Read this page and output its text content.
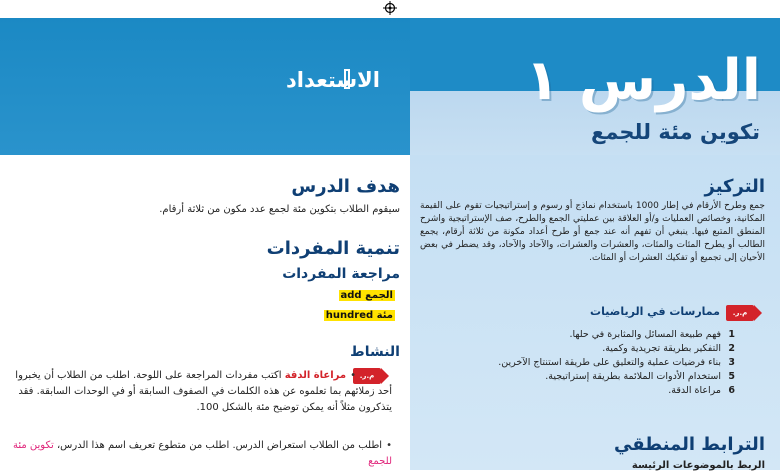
الاستعداد	الدرس ١
تكوين مئة للجمع
هدف الدرس
سيقوم الطلاب بتكوين مئة لجمع عدد مكون من ثلاثة أرقام.
تنمية المفردات
مراجعة المفردات
الجمع add
مئة hundred
النشاط
م.ر.
•مراعاة الدقة اكتب مفردات المراجعة على اللوحة. اطلب من الطلاب أن يخبروا أحد زملائهم بما تعلموه عن هذه الكلمات في الصفوف السابقة أو في الوحدات السابقة. فقد يتذكرون مثلاً أنه يمكن توضيح مئة بالشكل 100.
•اطلب من الطلاب استعراض الدرس. اطلب من متطوع تعريف اسم هذا الدرس، تكوين مئة للجمع
التركيز
جمع وطرح الأرقام في إطار 1000 باستخدام نماذج أو رسوم و إستراتيجيات تقوم على القيمة المكانية، وخصائص العمليات و/أو العلاقة بين عمليتي الجمع والطرح، صف الإستراتيجية واشرح المنطق المتبع فيها. ينبغي أن تفهم أنه عند جمع أو طرح أعداد مكونة من ثلاثة أرقام، يجمع الطالب أو يطرح المئات والمئات، والعشرات والعشرات، والآحاد والآحاد، وقد يضطر في بعض الأحيان إلى تجميع أو تفكيك العشرات أو المئات.
م.ر.
ممارسات في الرياضيات
1فهم طبيعة المسائل والمثابرة في حلها.
2التفكير بطريقة تجريدية وكمية.
3بناء فرضيات عملية والتعليق على طريقة استنتاج الآخرين.
5استخدام الأدوات الملائمة بطريقة إستراتيجية.
6مراعاة الدقة.
الترابط المنطقي
الربط بالموضوعات الرئيسة
